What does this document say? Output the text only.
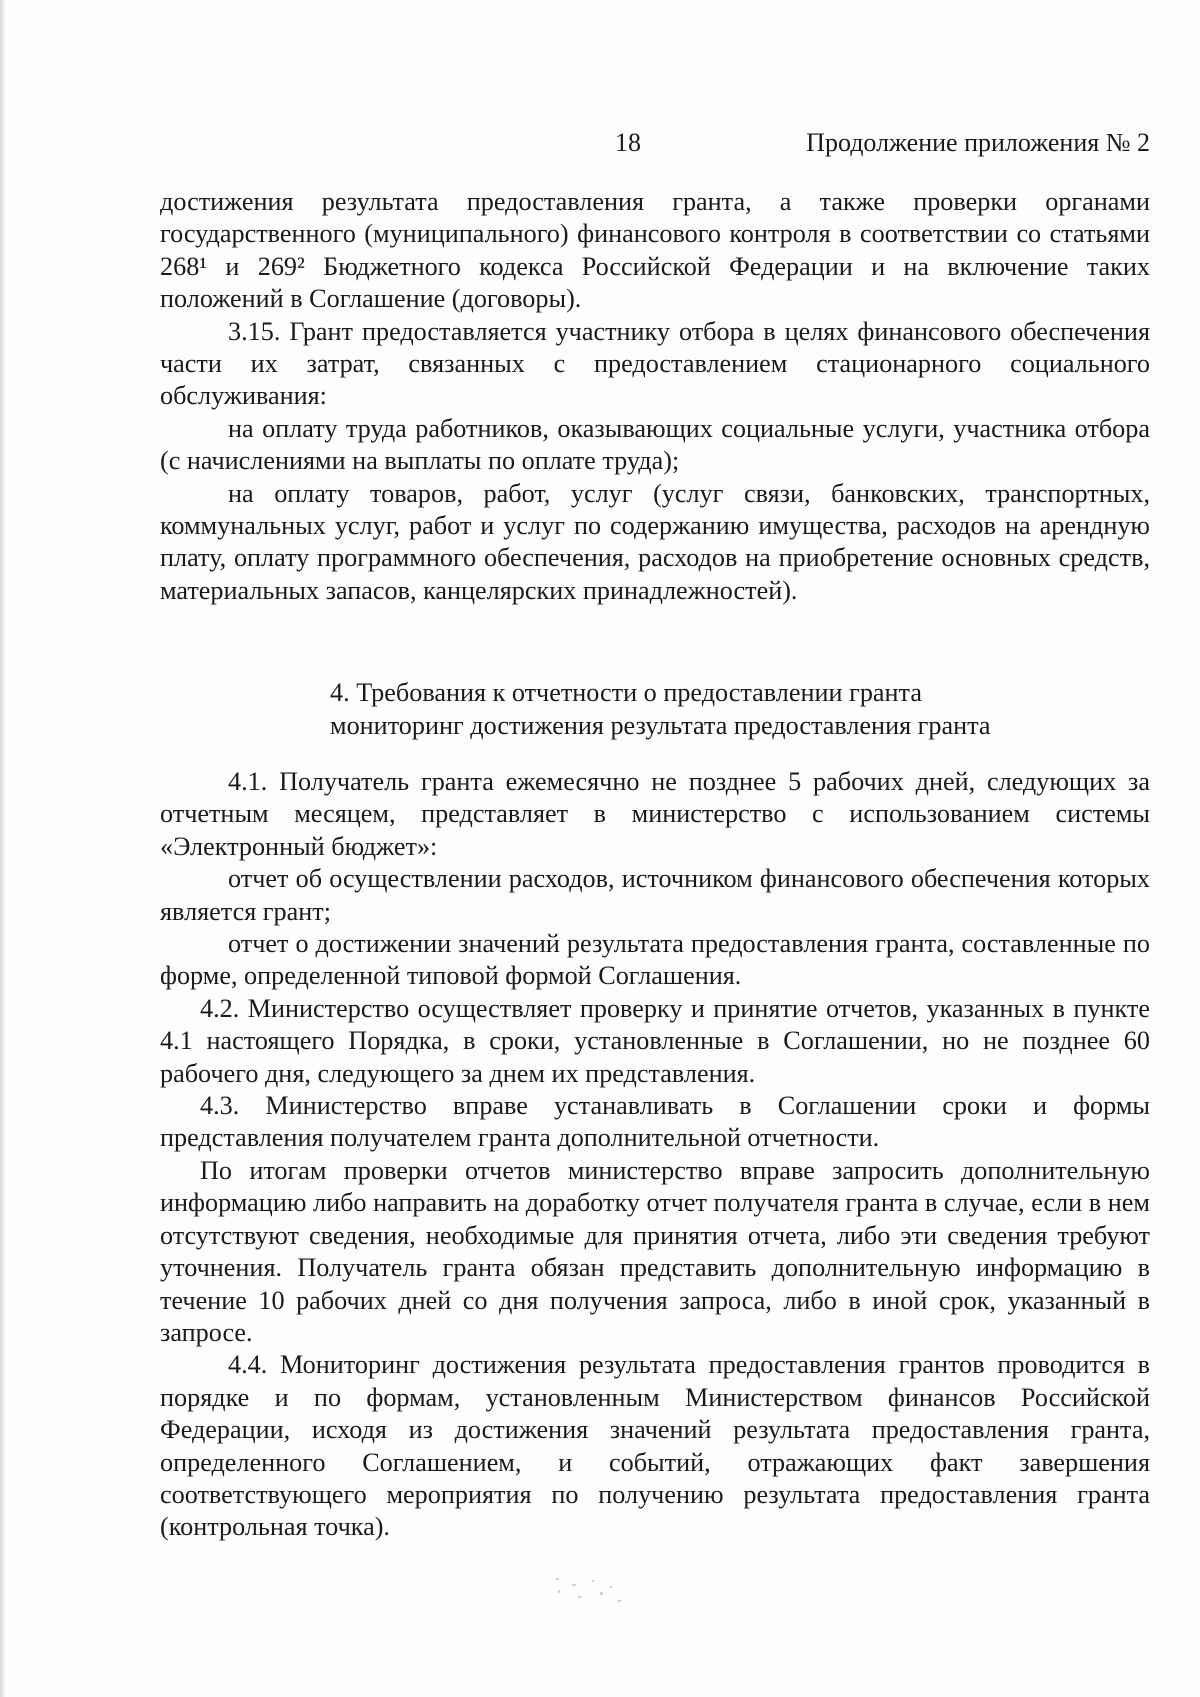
18	Продолжение приложения № 2

достижения результата предоставления гранта, а также проверки органами государственного (муниципального) финансового контроля в соответствии со статьями 268¹ и 269² Бюджетного кодекса Российской Федерации и на включение таких положений в Соглашение (договоры).

3.15. Грант предоставляется участнику отбора в целях финансового обеспечения части их затрат, связанных с предоставлением стационарного социального обслуживания:

на оплату труда работников, оказывающих социальные услуги, участника отбора (с начислениями на выплаты по оплате труда);

на оплату товаров, работ, услуг (услуг связи, банковских, транспортных, коммунальных услуг, работ и услуг по содержанию имущества, расходов на арендную плату, оплату программного обеспечения, расходов на приобретение основных средств, материальных запасов, канцелярских принадлежностей).

4. Требования к отчетности о предоставлении гранта
мониторинг достижения результата предоставления гранта

4.1. Получатель гранта ежемесячно не позднее 5 рабочих дней, следующих за отчетным месяцем, представляет в министерство с использованием системы «Электронный бюджет»:

отчет об осуществлении расходов, источником финансового обеспечения которых является грант;

отчет о достижении значений результата предоставления гранта, составленные по форме, определенной типовой формой Соглашения.

4.2. Министерство осуществляет проверку и принятие отчетов, указанных в пункте 4.1 настоящего Порядка, в сроки, установленные в Соглашении, но не позднее 60 рабочего дня, следующего за днем их представления.

4.3. Министерство вправе устанавливать в Соглашении сроки и формы представления получателем гранта дополнительной отчетности.

По итогам проверки отчетов министерство вправе запросить дополнительную информацию либо направить на доработку отчет получателя гранта в случае, если в нем отсутствуют сведения, необходимые для принятия отчета, либо эти сведения требуют уточнения. Получатель гранта обязан представить дополнительную информацию в течение 10 рабочих дней со дня получения запроса, либо в иной срок, указанный в запросе.

4.4. Мониторинг достижения результата предоставления грантов проводится в порядке и по формам, установленным Министерством финансов Российской Федерации, исходя из достижения значений результата предоставления гранта, определенного Соглашением, и событий, отражающих факт завершения соответствующего мероприятия по получению результата предоставления гранта (контрольная точка).
